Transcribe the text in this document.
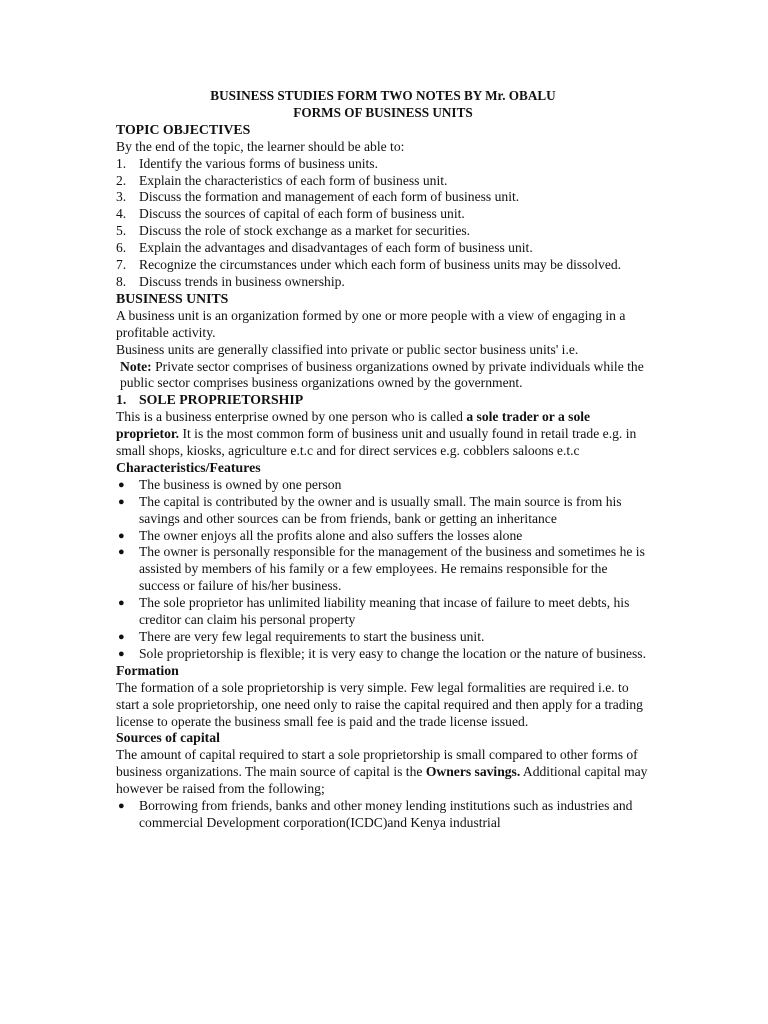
BUSINESS STUDIES FORM TWO NOTES BY Mr. OBALU

FORMS OF BUSINESS UNITS

TOPIC OBJECTIVES

By the end of the topic, the learner should be able to:

1. Identify the various forms of business units.
2. Explain the characteristics of each form of business unit.
3. Discuss the formation and management of each form of business unit.
4. Discuss the sources of capital of each form of business unit.
5. Discuss the role of stock exchange as a market for securities.
6. Explain the advantages and disadvantages of each form of business unit.
7. Recognize the circumstances under which each form of business units may be dissolved.
8. Discuss trends in business ownership.

BUSINESS UNITS

A business unit is an organization formed by one or more people with a view of engaging in a profitable activity.

Business units are generally classified into private or public sector business units' i.e.

Note: Private sector comprises of business organizations owned by private individuals while the public sector comprises business organizations owned by the government.

1. SOLE PROPRIETORSHIP

This is a business enterprise owned by one person who is called a sole trader or a sole proprietor. It is the most common form of business unit and usually found in retail trade e.g. in small shops, kiosks, agriculture e.t.c and for direct services e.g. cobblers saloons e.t.c

Characteristics/Features

● The business is owned by one person
● The capital is contributed by the owner and is usually small. The main source is from his savings and other sources can be from friends, bank or getting an inheritance
● The owner enjoys all the profits alone and also suffers the losses alone
● The owner is personally responsible for the management of the business and sometimes he is assisted by members of his family or a few employees. He remains responsible for the success or failure of his/her business.
● The sole proprietor has unlimited liability meaning that incase of failure to meet debts, his creditor can claim his personal property
● There are very few legal requirements to start the business unit.
● Sole proprietorship is flexible; it is very easy to change the location or the nature of business.

Formation

The formation of a sole proprietorship is very simple. Few legal formalities are required i.e. to start a sole proprietorship, one need only to raise the capital required and then apply for a trading license to operate the business small fee is paid and the trade license issued.

Sources of capital

The amount of capital required to start a sole proprietorship is small compared to other forms of business organizations. The main source of capital is the Owners savings. Additional capital may however be raised from the following;

● Borrowing from friends, banks and other money lending institutions such as industries and commercial Development corporation(ICDC)and Kenya industrial
